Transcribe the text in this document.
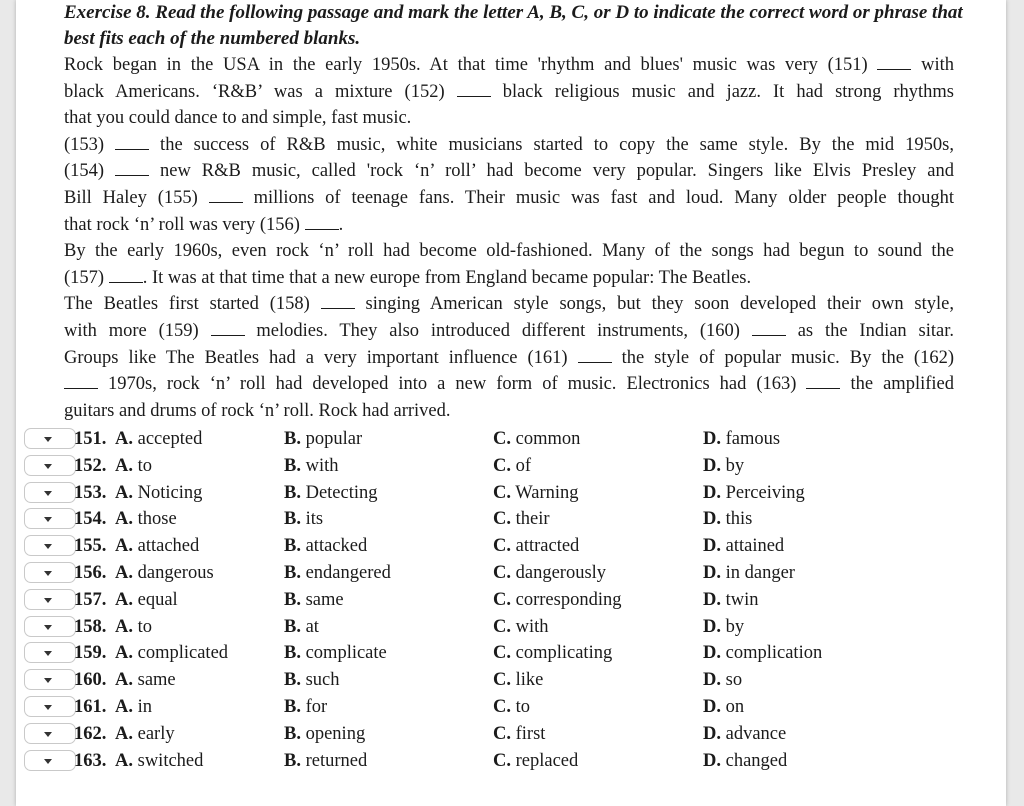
Exercise 8. Read the following passage and mark the letter A, B, C, or D to indicate the correct word or phrase that best fits each of the numbered blanks.
Rock began in the USA in the early 1950s. At that time 'rhythm and blues' music was very (151)  with
black Americans. ‘R&B’ was a mixture (152)  black religious music and jazz. It had strong rhythms
that you could dance to and simple, fast music.
(153)  the success of R&B music, white musicians started to copy the same style. By the mid 1950s,
(154)  new R&B music, called 'rock ‘n’ roll’ had become very popular. Singers like Elvis Presley and
Bill Haley (155)  millions of teenage fans. Their music was fast and loud. Many older people thought
that rock ‘n’ roll was very (156) .
By the early 1960s, even rock ‘n’ roll had become old-fashioned. Many of the songs had begun to sound the
(157) . It was at that time that a new europe from England became popular: The Beatles.
The Beatles first started (158)  singing American style songs, but they soon developed their own style,
with more (159)  melodies. They also introduced different instruments, (160)  as the Indian sitar.
Groups like The Beatles had a very important influence (161)  the style of popular music. By the (162)
1970s, rock ‘n’ roll had developed into a new form of music. Electronics had (163)  the amplified
guitars and drums of rock ‘n’ roll. Rock had arrived.
151. A. accepted	B. popular	C. common	D. famous
152. A. to	B. with	C. of	D. by
153. A. Noticing	B. Detecting	C. Warning	D. Perceiving
154. A. those	B. its	C. their	D. this
155. A. attached	B. attacked	C. attracted	D. attained
156. A. dangerous	B. endangered	C. dangerously	D. in danger
157. A. equal	B. same	C. corresponding	D. twin
158. A. to	B. at	C. with	D. by
159. A. complicated	B. complicate	C. complicating	D. complication
160. A. same	B. such	C. like	D. so
161. A. in	B. for	C. to	D. on
162. A. early	B. opening	C. first	D. advance
163. A. switched	B. returned	C. replaced	D. changed
